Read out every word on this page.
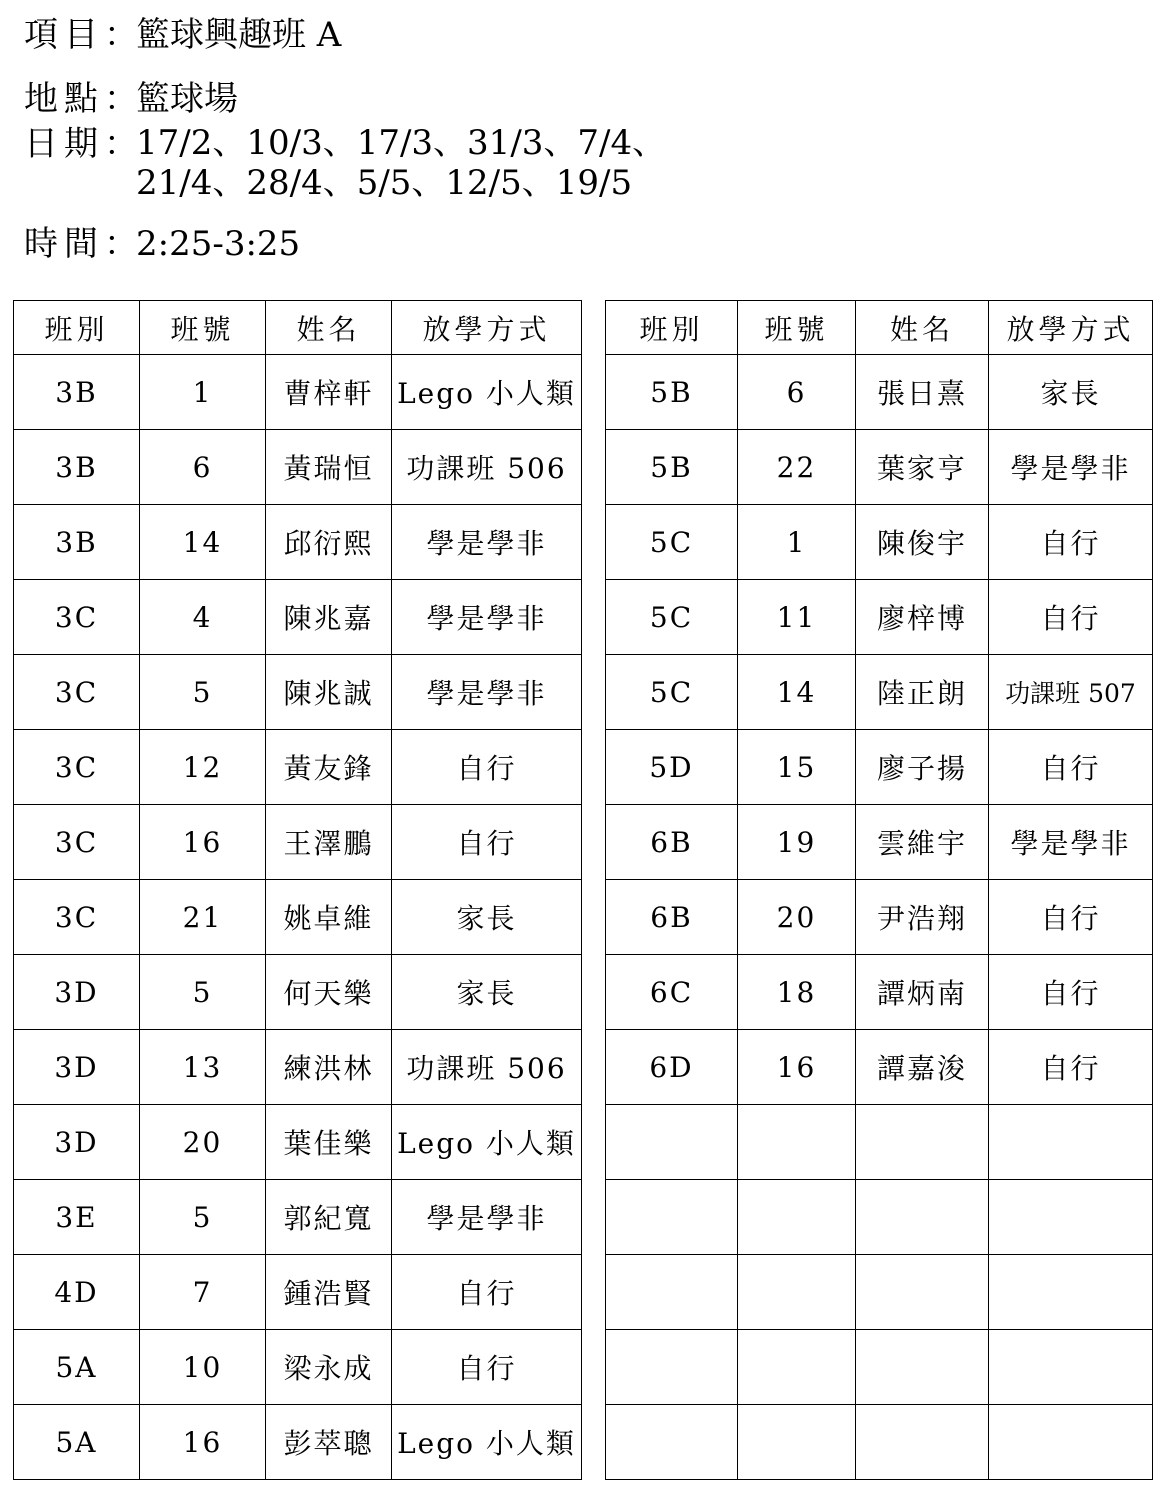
項目 ：
籃球興趣班 A
地點 ：
籃球場
日期 ：
17/2、10/3、17/3、31/3、7/4、
21/4、28/4、5/5、12/5、19/5
時間 ：
2:25-3:25
班別	班號	姓名	放學方式
3B	1	曹梓軒	Lego 小人類
3B	6	黃瑞恒	功課班 506
3B	14	邱衍熙	學是學非
3C	4	陳兆嘉	學是學非
3C	5	陳兆誠	學是學非
3C	12	黃友鋒	自行
3C	16	王澤鵬	自行
3C	21	姚卓維	家長
3D	5	何天樂	家長
3D	13	練洪林	功課班 506
3D	20	葉佳樂	Lego 小人類
3E	5	郭紀寬	學是學非
4D	7	鍾浩賢	自行
5A	10	梁永成	自行
5A	16	彭萃聰	Lego 小人類
班別	班號	姓名	放學方式
5B	6	張日熹	家長
5B	22	葉家亨	學是學非
5C	1	陳俊宇	自行
5C	11	廖梓博	自行
5C	14	陸正朗	功課班 507
5D	15	廖子揚	自行
6B	19	雲維宇	學是學非
6B	20	尹浩翔	自行
6C	18	譚炳南	自行
6D	16	譚嘉浚	自行
